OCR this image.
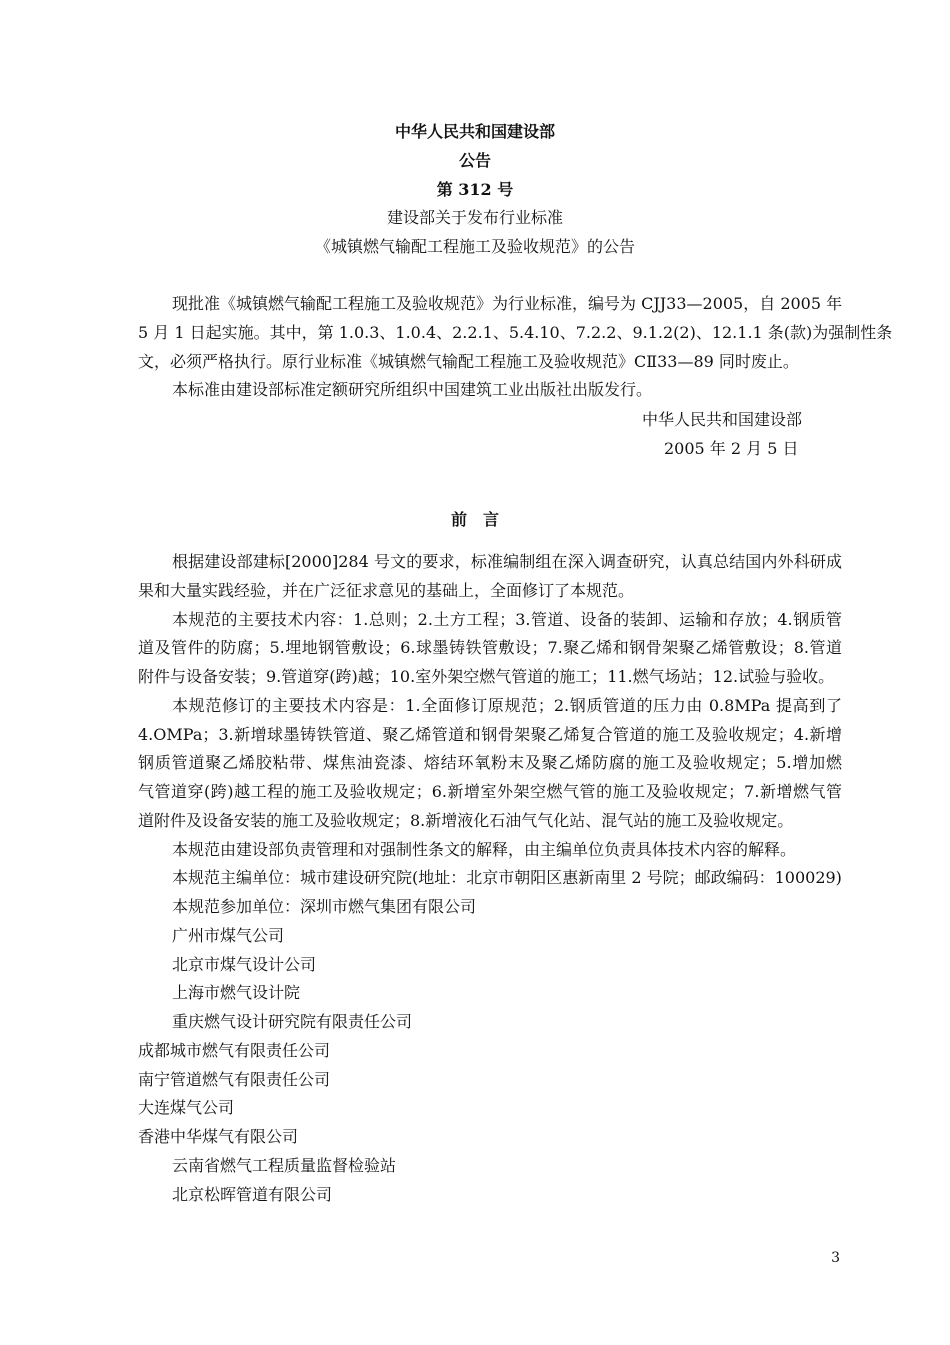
中华人民共和国建设部
公告
第 312 号
建设部关于发布行业标准
《城镇燃气输配工程施工及验收规范》的公告
现批准《城镇燃气输配工程施工及验收规范》为行业标准，编号为 CJJ33—2005，自 2005 年
5 月 1 日起实施。其中，第 1.0.3、1.0.4、2.2.1、5.4.10、7.2.2、9.1.2(2)、12.1.1 条(款)为强制性条
文，必须严格执行。原行业标准《城镇燃气输配工程施工及验收规范》CⅡ33—89 同时废止。
本标准由建设部标准定额研究所组织中国建筑工业出版社出版发行。
中华人民共和国建设部
2005 年 2 月 5 日
前　言
根据建设部建标[2000]284 号文的要求，标准编制组在深入调查研究，认真总结国内外科研成
果和大量实践经验，并在广泛征求意见的基础上，全面修订了本规范。
本规范的主要技术内容：1.总则；2.土方工程；3.管道、设备的装卸、运输和存放；4.钢质管
道及管件的防腐；5.埋地钢管敷设；6.球墨铸铁管敷设；7.聚乙烯和钢骨架聚乙烯管敷设；8.管道
附件与设备安装；9.管道穿(跨)越；10.室外架空燃气管道的施工；11.燃气场站；12.试验与验收。
本规范修订的主要技术内容是：1.全面修订原规范；2.钢质管道的压力由 0.8MPa 提高到了
4.OMPa；3.新增球墨铸铁管道、聚乙烯管道和钢骨架聚乙烯复合管道的施工及验收规定；4.新增
钢质管道聚乙烯胶粘带、煤焦油瓷漆、熔结环氧粉末及聚乙烯防腐的施工及验收规定；5.增加燃
气管道穿(跨)越工程的施工及验收规定；6.新增室外架空燃气管的施工及验收规定；7.新增燃气管
道附件及设备安装的施工及验收规定；8.新增液化石油气气化站、混气站的施工及验收规定。
本规范由建设部负责管理和对强制性条文的解释，由主编单位负责具体技术内容的解释。
本规范主编单位：城市建设研究院(地址：北京市朝阳区惠新南里 2 号院；邮政编码：100029)
本规范参加单位：深圳市燃气集团有限公司
广州市煤气公司
北京市煤气设计公司
上海市燃气设计院
重庆燃气设计研究院有限责任公司
成都城市燃气有限责任公司
南宁管道燃气有限责任公司
大连煤气公司
香港中华煤气有限公司
云南省燃气工程质量监督检验站
北京松晖管道有限公司
3
